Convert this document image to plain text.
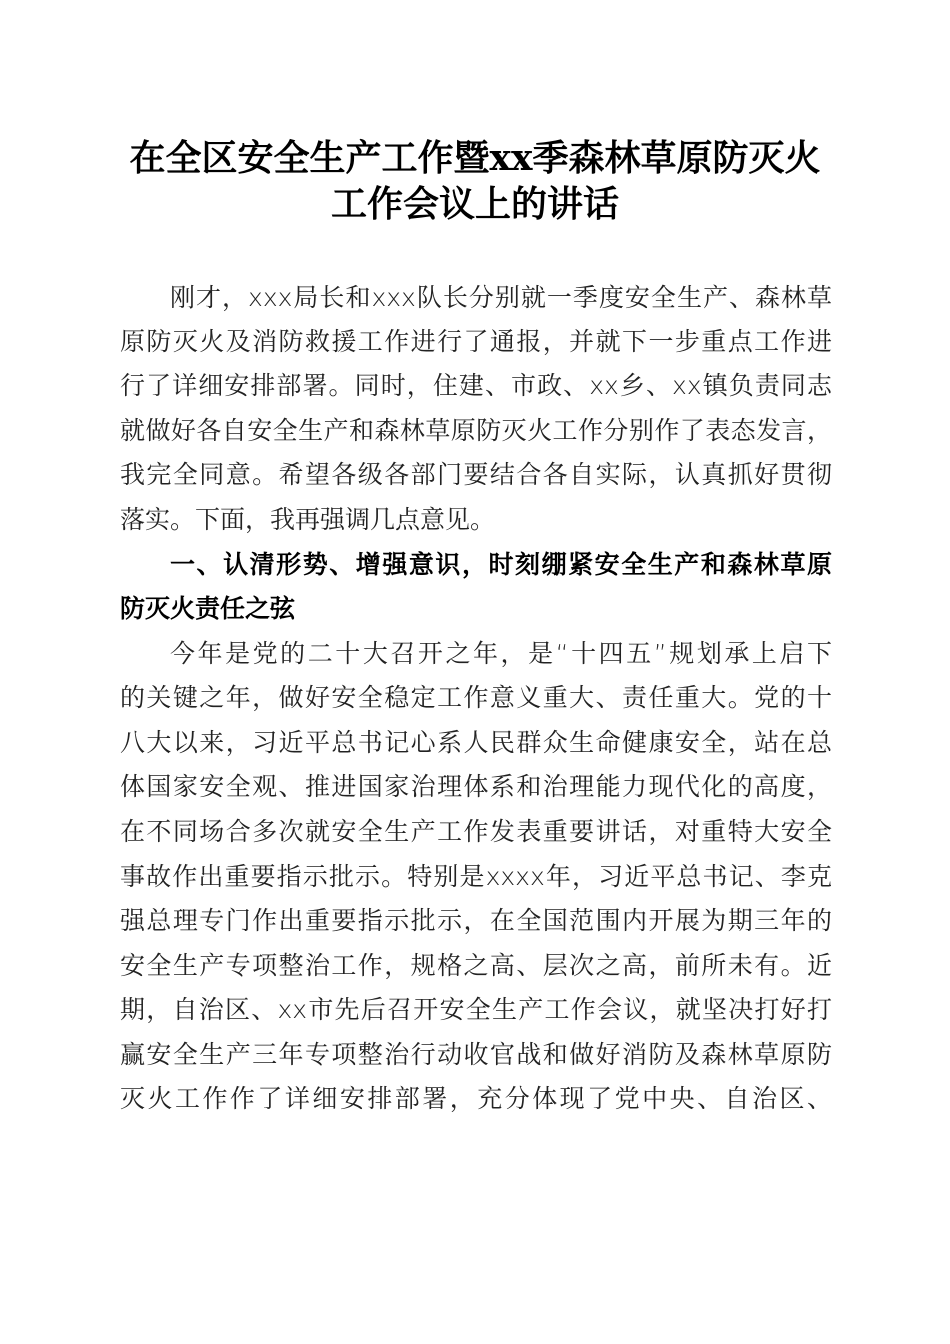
在全区安全生产工作暨xx季森林草原防灭火
工作会议上的讲话
刚才，xxx局长和xxx队长分别就一季度安全生产、森林草
原防灭火及消防救援工作进行了通报，并就下一步重点工作进
行了详细安排部署。同时，住建、市政、xx乡、xx镇负责同志
就做好各自安全生产和森林草原防灭火工作分别作了表态发言，
我完全同意。希望各级各部门要结合各自实际，认真抓好贯彻
落实。下面，我再强调几点意见。
一、认清形势、增强意识，时刻绷紧安全生产和森林草原
防灭火责任之弦
今年是党的二十大召开之年，是“十四五”规划承上启下
的关键之年，做好安全稳定工作意义重大、责任重大。党的十
八大以来，习近平总书记心系人民群众生命健康安全，站在总
体国家安全观、推进国家治理体系和治理能力现代化的高度，
在不同场合多次就安全生产工作发表重要讲话，对重特大安全
事故作出重要指示批示。特别是xxxx年，习近平总书记、李克
强总理专门作出重要指示批示，在全国范围内开展为期三年的
安全生产专项整治工作，规格之高、层次之高，前所未有。近
期，自治区、xx市先后召开安全生产工作会议，就坚决打好打
赢安全生产三年专项整治行动收官战和做好消防及森林草原防
灭火工作作了详细安排部署，充分体现了党中央、自治区、
